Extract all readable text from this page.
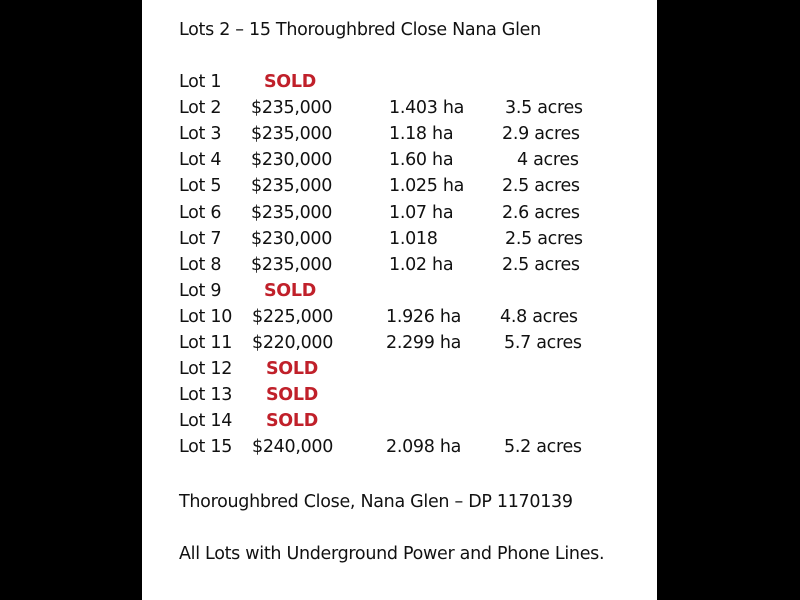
Lots 2 – 15 Thoroughbred Close Nana Glen
Lot 1 SOLD
Lot 2 $235,000	1.403 ha 3.5 acres
Lot 3 $235,000	1.18 ha	2.9 acres
Lot 4 $230,000	1.60 ha	4 acres
Lot 5 $235,000	1.025 ha 2.5 acres
Lot 6 $235,000	1.07 ha	2.6 acres
Lot 7 $230,000	1.018	2.5 acres
Lot 8 $235,000	1.02 ha	2.5 acres
Lot 9 SOLD
Lot 10 $225,000	1.926 ha 4.8 acres
Lot 11 $220,000	2.299 ha 5.7 acres
Lot 12 SOLD
Lot 13 SOLD
Lot 14 SOLD
Lot 15 $240,000	2.098 ha 5.2 acres
Thoroughbred Close, Nana Glen – DP 1170139
All Lots with Underground Power and Phone Lines.
